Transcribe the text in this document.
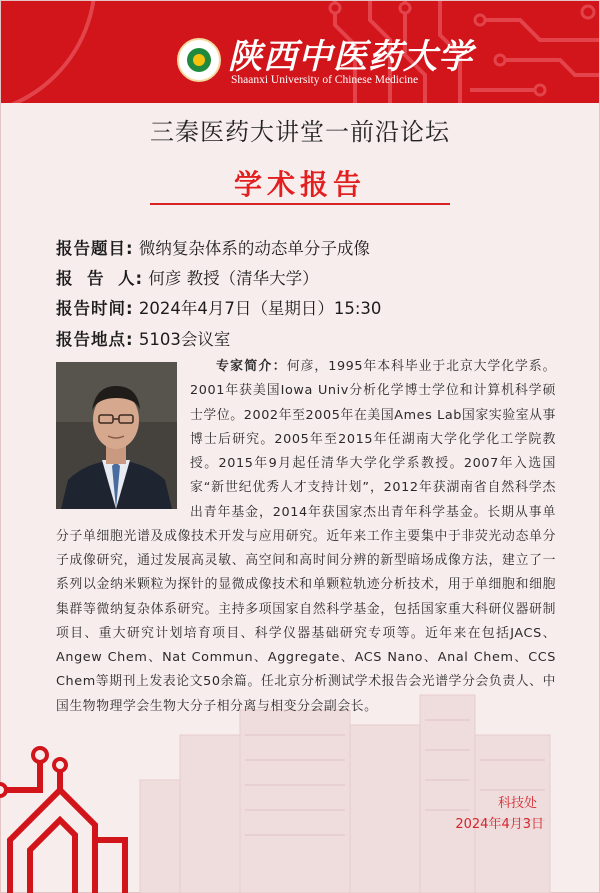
陕西中医药大学
Shaanxi University of Chinese Medicine
三秦医药大讲堂一前沿论坛
学术报告
报告题目: 微纳复杂体系的动态单分子成像
报  告  人: 何彦 教授（清华大学）
报告时间: 2024年4月7日（星期日）15:30
报告地点: 5103会议室
专家简介：何彦，1995年本科毕业于北京大学化学系。2001年获美国Iowa Univ分析化学博士学位和计算机科学硕士学位。2002年至2005年在美国Ames Lab国家实验室从事博士后研究。2005年至2015年任湖南大学化学化工学院教授。2015年9月起任清华大学化学系教授。2007年入选国家“新世纪优秀人才支持计划”，2012年获湖南省自然科学杰出青年基金，2014年获国家杰出青年科学基金。长期从事单分子单细胞光谱及成像技术开发与应用研究。近年来工作主要集中于非荧光动态单分子成像研究，通过发展高灵敏、高空间和高时间分辨的新型暗场成像方法，建立了一系列以金纳米颗粒为探针的显微成像技术和单颗粒轨迹分析技术，用于单细胞和细胞集群等微纳复杂体系研究。主持多项国家自然科学基金，包括国家重大科研仪器研制项目、重大研究计划培育项目、科学仪器基础研究专项等。近年来在包括JACS、Angew Chem、Nat Commun、Aggregate、ACS Nano、Anal Chem、CCS Chem等期刊上发表论文50余篇。任北京分析测试学术报告会光谱学分会负责人、中国生物物理学会生物大分子相分离与相变分会副会长。
科技处
2024年4月3日
